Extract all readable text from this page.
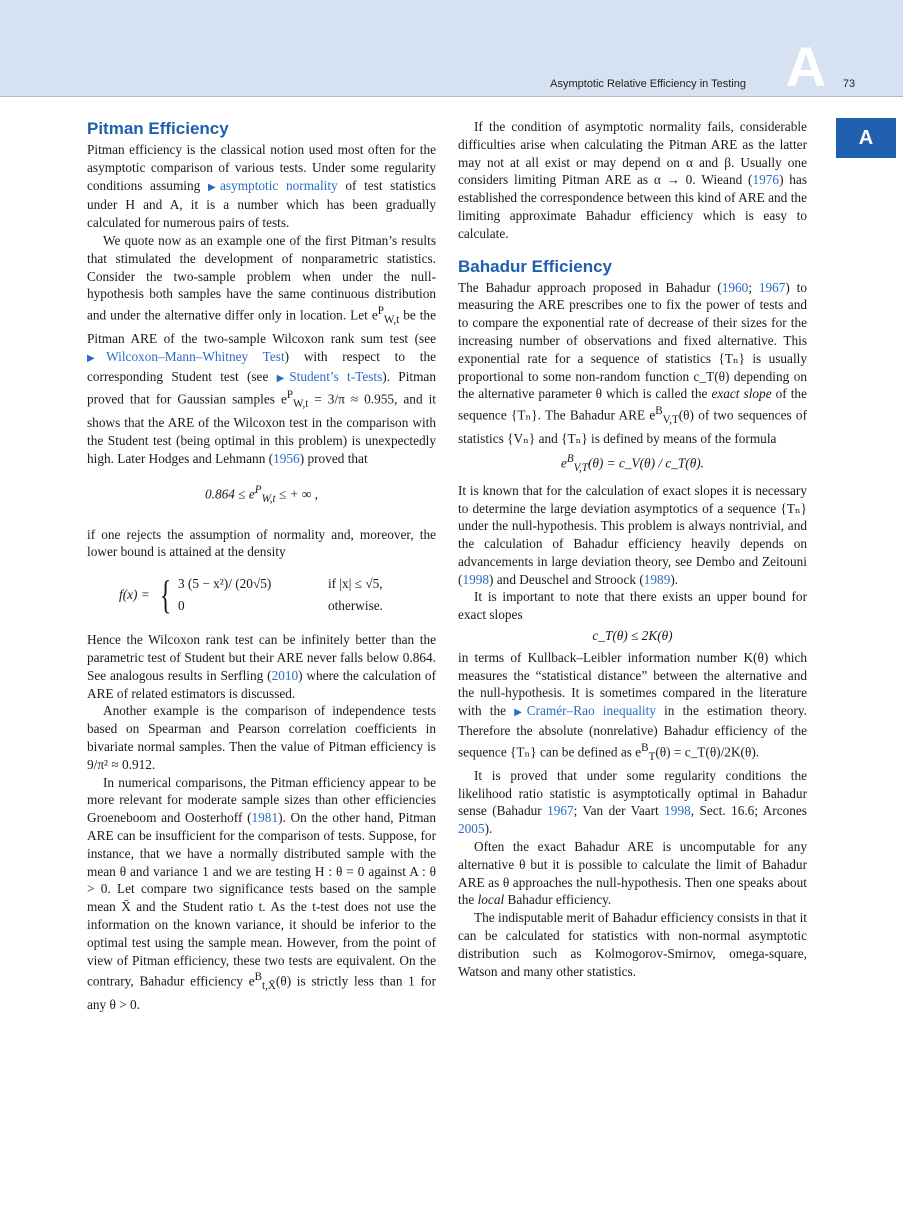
Asymptotic Relative Efficiency in Testing A	73
A
Pitman Efficiency

Pitman efficiency is the classical notion used most often for the asymptotic comparison of various tests. Under some regularity conditions assuming ▶asymptotic normality of test statistics under H and A, it is a number which has been gradually calculated for numerous pairs of tests.

We quote now as an example one of the first Pitman’s results that stimulated the development of nonparametric statistics. Consider the two-sample problem when under the null-hypothesis both samples have the same continuous distribution and under the alternative differ only in location. Let $e^P_{W,t}$ be the Pitman ARE of the two-sample Wilcoxon rank sum test (see ▶Wilcoxon–Mann–Whitney Test) with respect to the corresponding Student test (see ▶Student’s t-Tests). Pitman proved that for Gaussian samples $e^P_{W,t} = 3/\pi \approx 0.955$, and it shows that the ARE of the Wilcoxon test in the comparison with the Student test (being optimal in this problem) is unexpectedly high. Later Hodges and Lehmann (1956) proved that

$0.864 \le e^P_{W,t}$ ≤ + ∞ ,

if one rejects the assumption of normality and, moreover, the lower bound is attained at the density

f(x) = { 3 (5 − x²)/ (20√5)	if |x| ≤ √5,
0	otherwise.

Hence the Wilcoxon rank test can be infinitely better than the parametric test of Student but their ARE never falls below 0.864. See analogous results in Serfling (2010) where the calculation of ARE of related estimators is discussed.

Another example is the comparison of independence tests based on Spearman and Pearson correlation coefficients in bivariate normal samples. Then the value of Pitman efficiency is 9/π² ≈ 0.912.

In numerical comparisons, the Pitman efficiency appear to be more relevant for moderate sample sizes than other efficiencies Groeneboom and Oosterhoff (1981). On the other hand, Pitman ARE can be insufficient for the comparison of tests. Suppose, for instance, that we have a normally distributed sample with the mean θ and variance 1 and we are testing H : θ = 0 against A : θ > 0. Let compare two significance tests based on the sample mean X̄ and the Student ratio t. As the t-test does not use the information on the known variance, it should be inferior to the optimal test using the sample mean. However, from the point of view of Pitman efficiency, these two tests are equivalent. On the contrary, Bahadur efficiency $e^B_{t,X̄}(\theta)$ is strictly less than 1 for any θ > 0.

If the condition of asymptotic normality fails, considerable difficulties arise when calculating the Pitman ARE as the latter may not at all exist or may depend on α and β. Usually one considers limiting Pitman ARE as α → 0. Wieand (1976) has established the correspondence between this kind of ARE and the limiting approximate Bahadur efficiency which is easy to calculate.

Bahadur Efficiency

The Bahadur approach proposed in Bahadur (1960; 1967) to measuring the ARE prescribes one to fix the power of tests and to compare the exponential rate of decrease of their sizes for the increasing number of observations and fixed alternative. This exponential rate for a sequence of statistics {Tₙ} is usually proportional to some non-random function c_T(θ) depending on the alternative parameter θ which is called the exact slope of the sequence {Tₙ}. The Bahadur ARE $e^B_{V,T}(\theta)$ of two sequences of statistics {Vₙ} and {Tₙ} is defined by means of the formula

$e^B_{V,T}(\theta)$ = c_V(θ) / c_T(θ).

It is known that for the calculation of exact slopes it is necessary to determine the large deviation asymptotics of a sequence {Tₙ} under the null-hypothesis. This problem is always nontrivial, and the calculation of Bahadur efficiency heavily depends on advancements in large deviation theory, see Dembo and Zeitouni (1998) and Deuschel and Stroock (1989).

It is important to note that there exists an upper bound for exact slopes

c_T(θ) ≤ 2K(θ)

in terms of Kullback–Leibler information number K(θ) which measures the “statistical distance” between the alternative and the null-hypothesis. It is sometimes compared in the literature with the ▶Cramér–Rao inequality in the estimation theory. Therefore the absolute (nonrelative) Bahadur efficiency of the sequence {Tₙ} can be defined as $e^B_T(\theta)$ = c_T(θ)/2K(θ).

It is proved that under some regularity conditions the likelihood ratio statistic is asymptotically optimal in Bahadur sense (Bahadur 1967; Van der Vaart 1998, Sect. 16.6; Arcones 2005).

Often the exact Bahadur ARE is uncomputable for any alternative θ but it is possible to calculate the limit of Bahadur ARE as θ approaches the null-hypothesis. Then one speaks about the local Bahadur efficiency.

The indisputable merit of Bahadur efficiency consists in that it can be calculated for statistics with non-normal asymptotic distribution such as Kolmogorov-Smirnov, omega-square, Watson and many other statistics.
